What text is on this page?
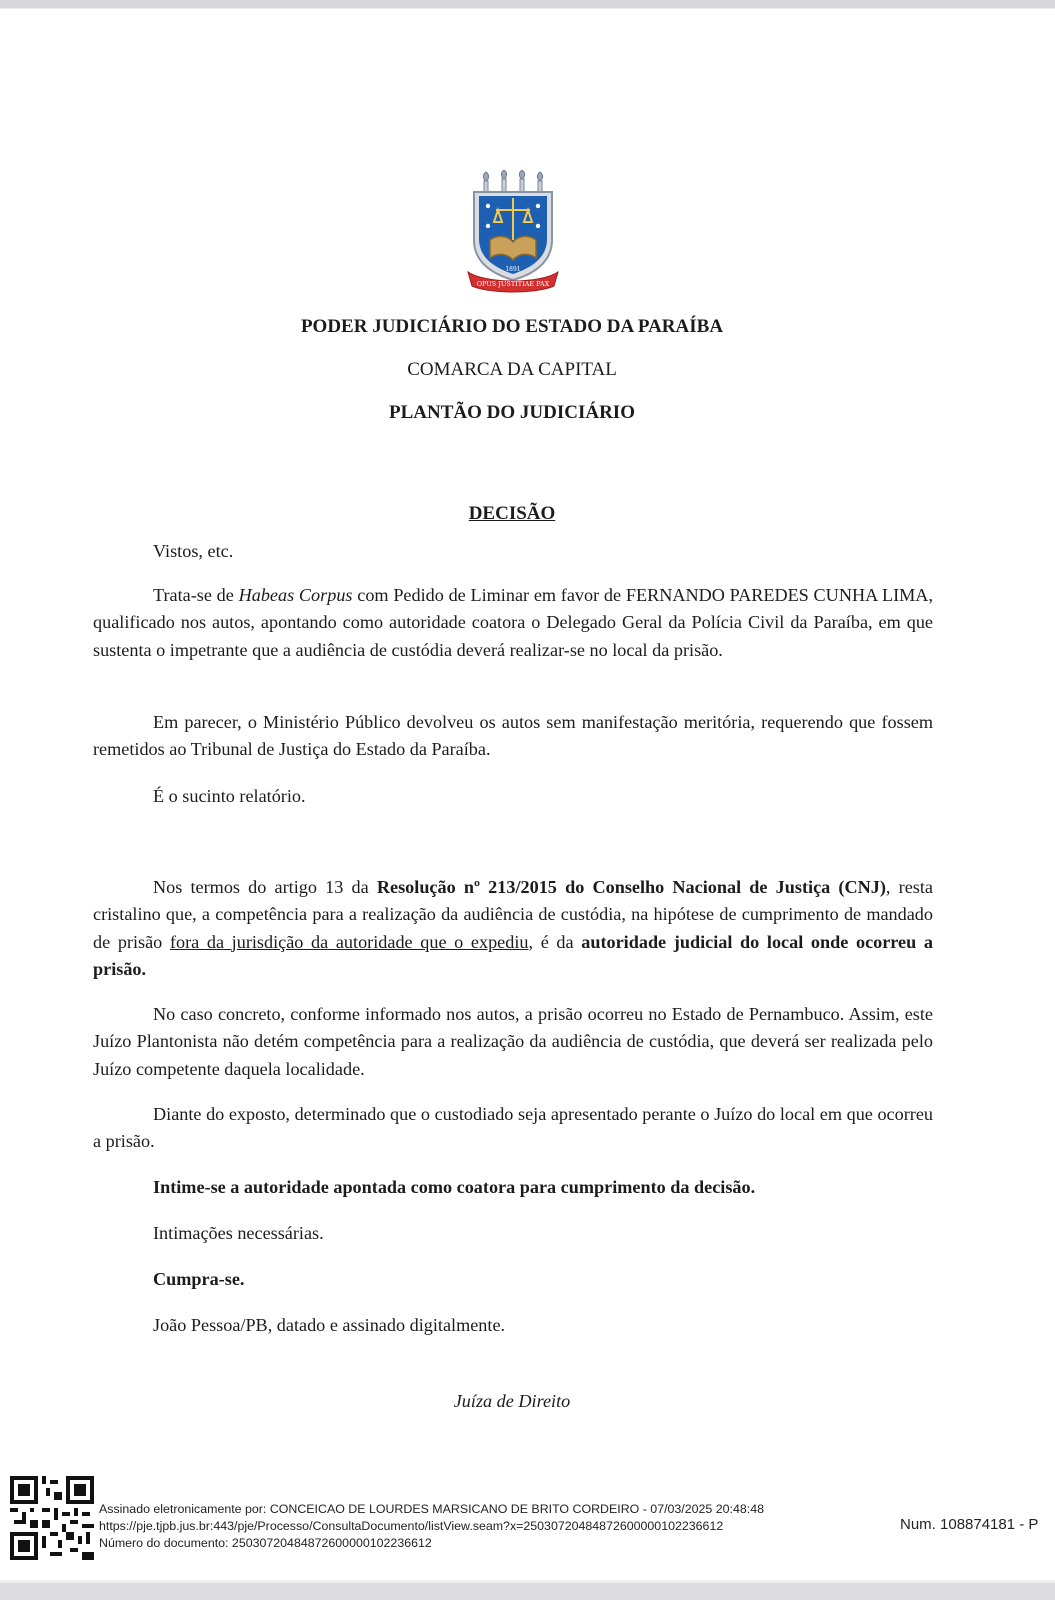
1891
OPUS JUSTITIAE PAX
PODER JUDICIÁRIO DO ESTADO DA PARAÍBA
COMARCA DA CAPITAL
PLANTÃO DO JUDICIÁRIO
DECISÃO
Vistos, etc.
Trata-se de Habeas Corpus com Pedido de Liminar em favor de FERNANDO PAREDES CUNHA LIMA, qualificado nos autos, apontando como autoridade coatora o Delegado Geral da Polícia Civil da Paraíba, em que sustenta o impetrante que a audiência de custódia deverá realizar-se no local da prisão.
Em parecer, o Ministério Público devolveu os autos sem manifestação meritória, requerendo que fossem remetidos ao Tribunal de Justiça do Estado da Paraíba.
É o sucinto relatório.
Nos termos do artigo 13 da Resolução nº 213/2015 do Conselho Nacional de Justiça (CNJ), resta cristalino que, a competência para a realização da audiência de custódia, na hipótese de cumprimento de mandado de prisão fora da jurisdição da autoridade que o expediu, é da autoridade judicial do local onde ocorreu a prisão.
No caso concreto, conforme informado nos autos, a prisão ocorreu no Estado de Pernambuco. Assim, este Juízo Plantonista não detém competência para a realização da audiência de custódia, que deverá ser realizada pelo Juízo competente daquela localidade.
Diante do exposto, determinado que o custodiado seja apresentado perante o Juízo do local em que ocorreu a prisão.
Intime-se a autoridade apontada como coatora para cumprimento da decisão.
Intimações necessárias.
Cumpra-se.
João Pessoa/PB, datado e assinado digitalmente.
Juíza de Direito
Assinado eletronicamente por: CONCEICAO DE LOURDES MARSICANO DE BRITO CORDEIRO - 07/03/2025 20:48:48
https://pje.tjpb.jus.br:443/pje/Processo/ConsultaDocumento/listView.seam?x=25030720484872600000102236612
Número do documento: 25030720484872600000102236612
Num. 108874181 - P
